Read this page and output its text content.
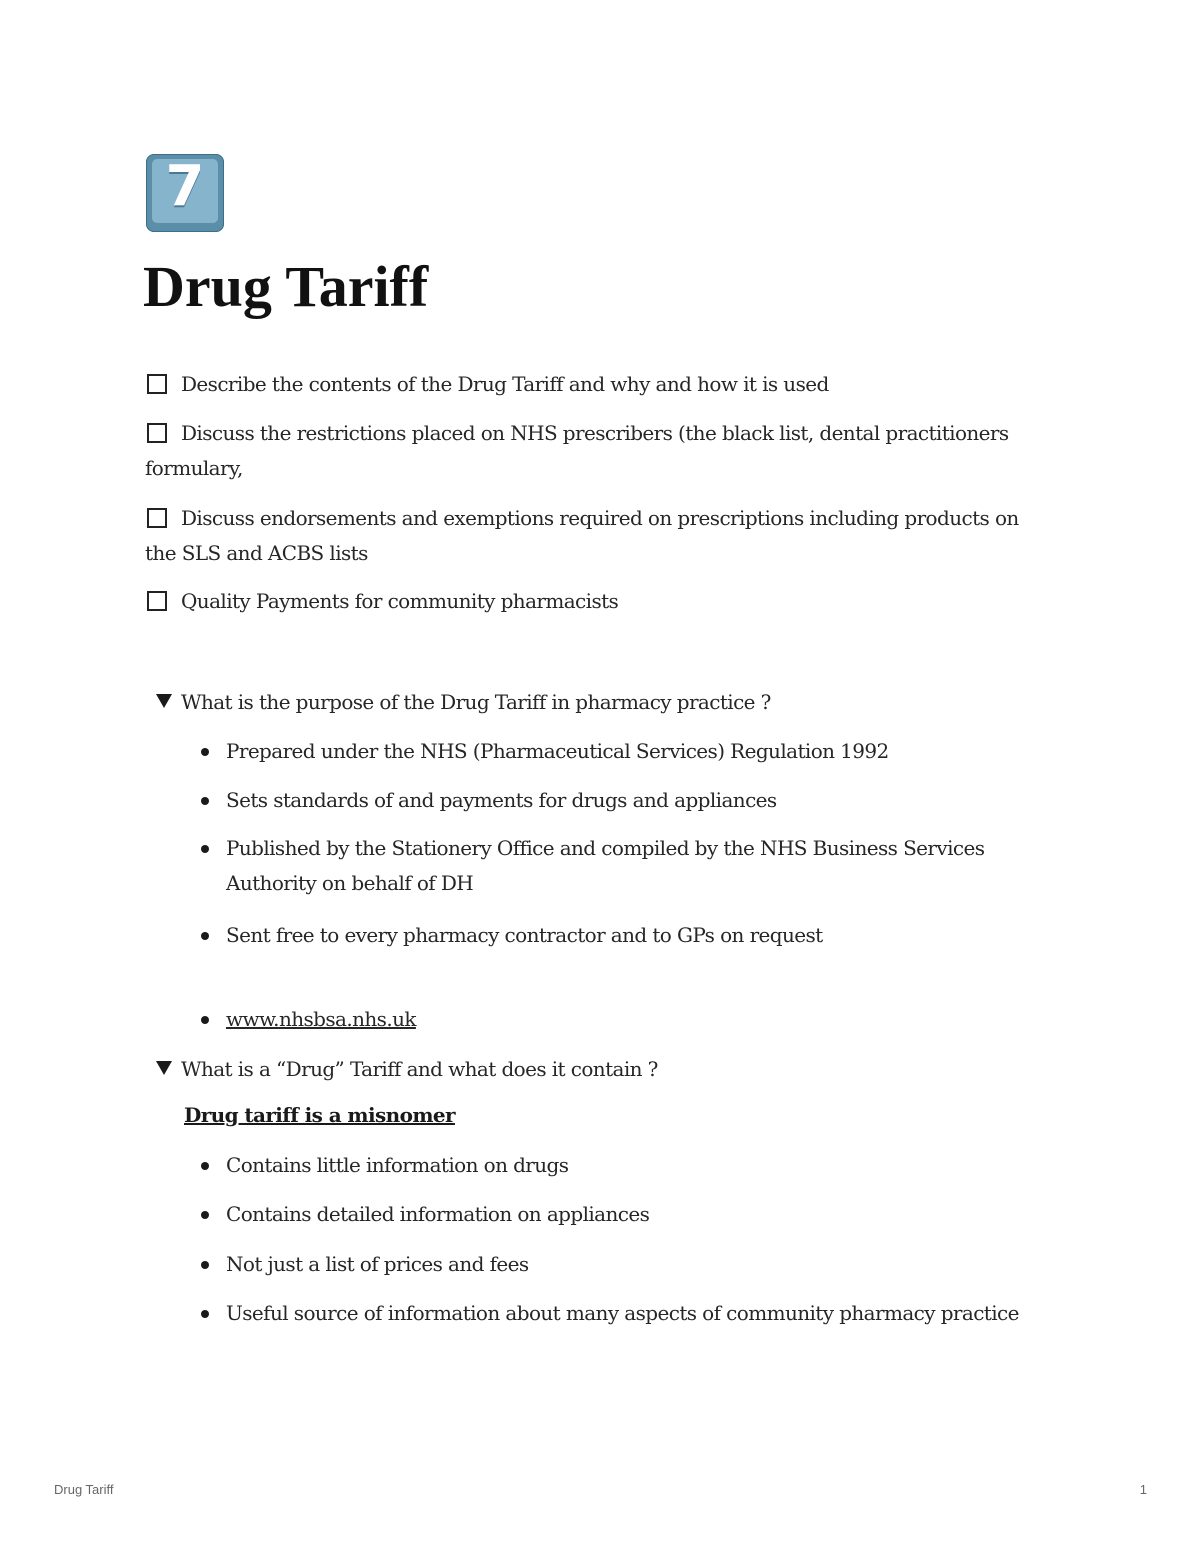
7
Drug Tariff
Describe the contents of the Drug Tariff and why and how it is used
Discuss the restrictions placed on NHS prescribers (the black list, dental practitioners formulary,
Discuss endorsements and exemptions required on prescriptions including products on the SLS and ACBS lists
Quality Payments for community pharmacists
What is the purpose of the Drug Tariff in pharmacy practice ?
Prepared under the NHS (Pharmaceutical Services) Regulation 1992
Sets standards of and payments for drugs and appliances
Published by the Stationery Office and compiled by the NHS Business Services Authority on behalf of DH
Sent free to every pharmacy contractor and to GPs on request
www.nhsbsa.nhs.uk
What is a “Drug” Tariff and what does it contain ?
Drug tariff is a misnomer
Contains little information on drugs
Contains detailed information on appliances
Not just a list of prices and fees
Useful source of information about many aspects of community pharmacy practice
Drug Tariff	1
